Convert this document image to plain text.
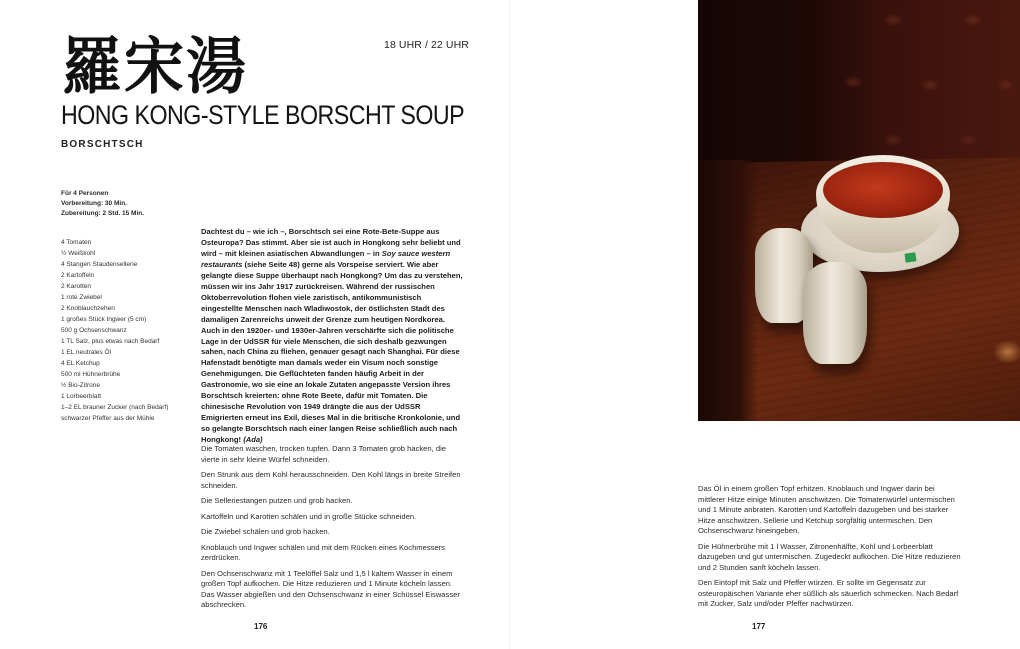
羅宋湯	18 UHR / 22 UHR
HONG KONG-STYLE BORSCHT SOUP
BORSCHTSCH
Für 4 Personen
Vorbereitung: 30 Min.
Zubereitung: 2 Std. 15 Min.
4 Tomaten
½ Weißkohl
4 Stangen Staudensellerie
2 Kartoffeln
2 Karotten
1 rote Zwiebel
2 Knoblauchzehen
1 großes Stück Ingwer (5 cm)
500 g Ochsenschwanz
1 TL Salz, plus etwas nach Bedarf
1 EL neutrales Öl
4 EL Ketchup
500 ml Hühnerbrühe
½ Bio-Zitrone
1 Lorbeerblatt
1–2 EL brauner Zucker (nach Bedarf)
schwarzer Pfeffer aus der Mühle
Dachtest du – wie ich –, Borschtsch sei eine Rote-Bete-Suppe aus Osteuropa? Das stimmt. Aber sie ist auch in Hongkong sehr beliebt und wird – mit kleinen asiatischen Abwandlungen – in Soy sauce western restaurants (siehe Seite 48) gerne als Vorspeise serviert. Wie aber gelangte diese Suppe überhaupt nach Hongkong? Um das zu verstehen, müssen wir ins Jahr 1917 zurückreisen. Während der russischen Oktoberrevolution flohen viele zaristisch, antikommunistisch eingestellte Menschen nach Wladiwostok, der östlichsten Stadt des damaligen Zarenreichs unweit der Grenze zum heutigen Nordkorea. Auch in den 1920er- und 1930er-Jahren verschärfte sich die politische Lage in der UdSSR für viele Menschen, die sich deshalb gezwungen sahen, nach China zu fliehen, genauer gesagt nach Shanghai. Für diese Hafenstadt benötigte man damals weder ein Visum noch sonstige Genehmigungen. Die Geflüchteten fanden häufig Arbeit in der Gastronomie, wo sie eine an lokale Zutaten angepasste Version ihres Borschtsch kreierten: ohne Rote Beete, dafür mit Tomaten. Die chinesische Revolution von 1949 drängte die aus der UdSSR Emigrierten erneut ins Exil, dieses Mal in die britische Kronkolonie, und so gelangte Borschtsch nach einer langen Reise schließlich auch nach Hongkong! (Ada)

Die Tomaten waschen, trocken tupfen. Dann 3 Tomaten grob hacken, die vierte in sehr kleine Würfel schneiden.

Den Strunk aus dem Kohl herausschneiden. Den Kohl längs in breite Streifen schneiden.

Die Selleriestangen putzen und grob hacken.

Kartoffeln und Karotten schälen und in große Stücke schneiden.

Die Zwiebel schälen und grob hacken.

Knoblauch und Ingwer schälen und mit dem Rücken eines Kochmessers zerdrücken.

Den Ochsenschwanz mit 1 Teelöffel Salz und 1,5 l kaltem Wasser in einem großen Topf aufkochen. Die Hitze reduzieren und 1 Minute köcheln lassen. Das Wasser abgießen und den Ochsenschwanz in einer Schüssel Eiswasser abschrecken.

176

Das Öl in einem großen Topf erhitzen. Knoblauch und Ingwer darin bei mittlerer Hitze einige Minuten anschwitzen. Die Tomatenwürfel untermischen und 1 Minute anbraten. Karotten und Kartoffeln dazugeben und bei starker Hitze anschwitzen. Sellerie und Ketchup sorgfältig untermischen. Den Ochsenschwanz hineingeben.

Die Hühnerbrühe mit 1 l Wasser, Zitronenhälfte, Kohl und Lorbeerblatt dazugeben und gut untermischen. Zugedeckt aufkochen. Die Hitze reduzieren und 2 Stunden sanft köcheln lassen.

Den Eintopf mit Salz und Pfeffer würzen. Er sollte im Gegensatz zur osteuropäischen Variante eher süßlich als säuerlich schmecken. Nach Bedarf mit Zucker, Salz und/oder Pfeffer nachwürzen.

177
